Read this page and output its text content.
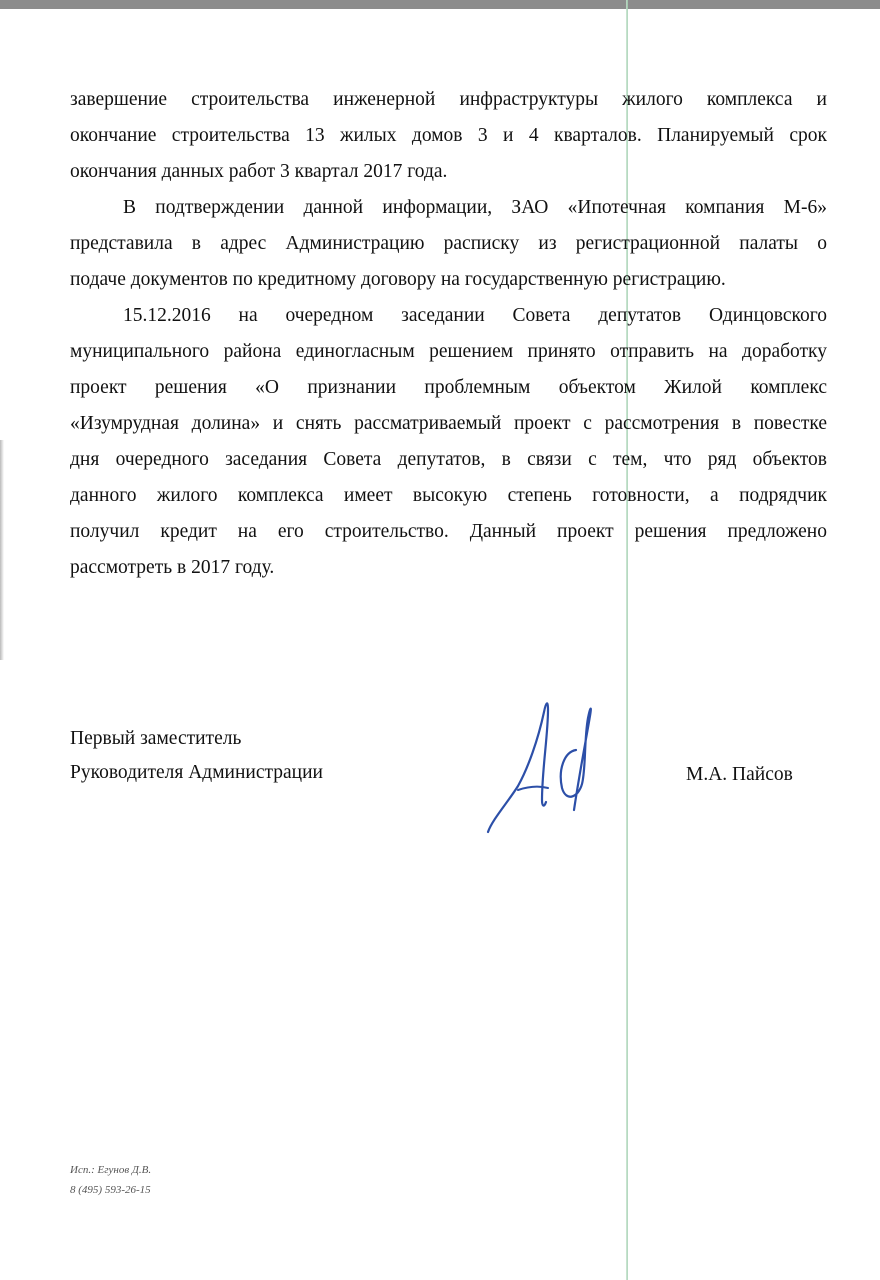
завершение строительства инженерной инфраструктуры жилого комплекса и
окончание строительства 13 жилых домов 3 и 4 кварталов. Планируемый срок
окончания данных работ 3 квартал 2017 года.
В подтверждении данной информации, ЗАО «Ипотечная компания М-6»
представила в адрес Администрацию расписку из регистрационной палаты о
подаче документов по кредитному договору на государственную регистрацию.
15.12.2016 на очередном заседании Совета депутатов Одинцовского
муниципального района единогласным решением принято отправить на доработку
проект решения «О признании проблемным объектом Жилой комплекс
«Изумрудная долина» и снять рассматриваемый проект с рассмотрения в повестке
дня очередного заседания Совета депутатов, в связи с тем, что ряд объектов
данного жилого комплекса имеет высокую степень готовности, а подрядчик
получил кредит на его строительство. Данный проект решения предложено
рассмотреть в 2017 году.
Первый заместитель
Руководителя Администрации	М.А. Пайсов
Исп.: Егунов Д.В.
8 (495) 593-26-15
